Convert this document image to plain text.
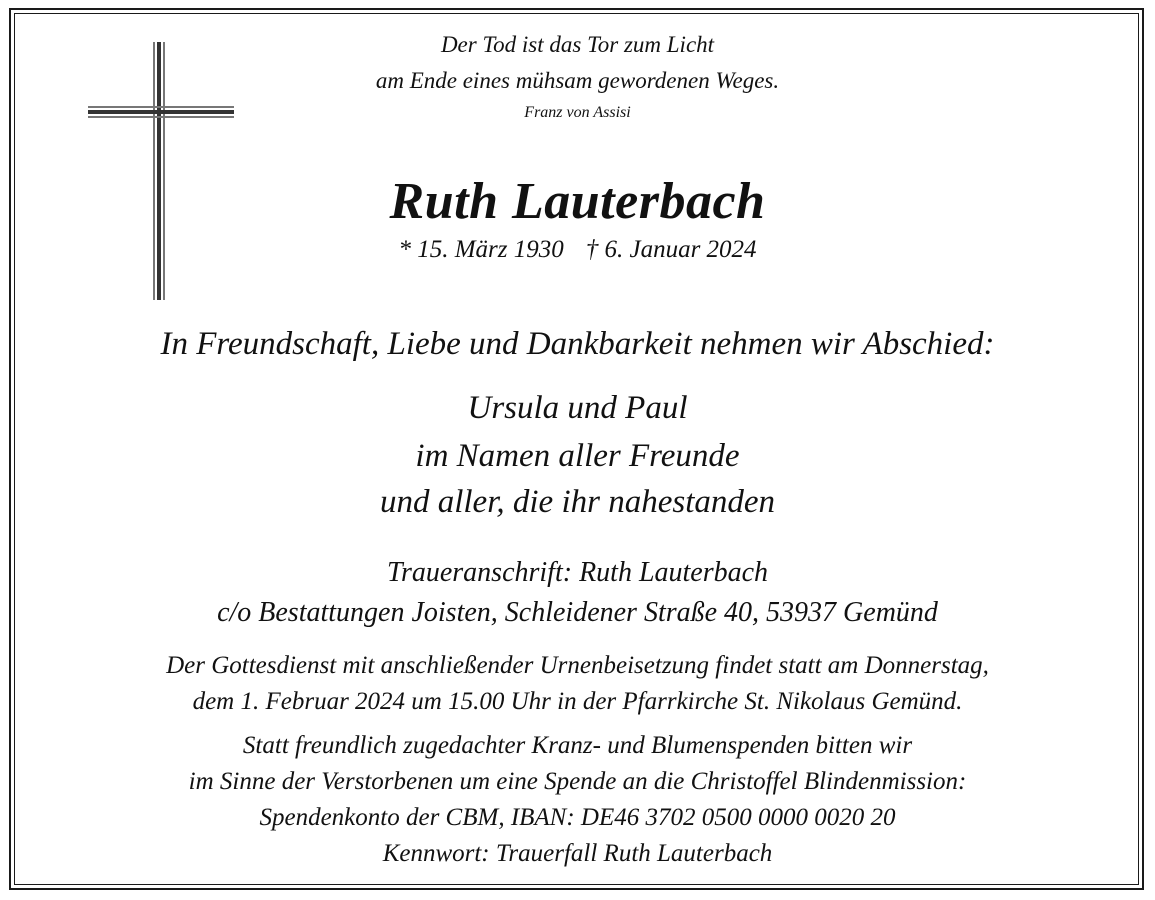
Der Tod ist das Tor zum Licht
am Ende eines mühsam gewordenen Weges.
Franz von Assisi
Ruth Lauterbach
* 15. März 1930 † 6. Januar 2024
In Freundschaft, Liebe und Dankbarkeit nehmen wir Abschied:
Ursula und Paul
im Namen aller Freunde
und aller, die ihr nahestanden
Traueranschrift: Ruth Lauterbach
c/o Bestattungen Joisten, Schleidener Straße 40, 53937 Gemünd
Der Gottesdienst mit anschließender Urnenbeisetzung findet statt am Donnerstag,
dem 1. Februar 2024 um 15.00 Uhr in der Pfarrkirche St. Nikolaus Gemünd.
Statt freundlich zugedachter Kranz- und Blumenspenden bitten wir
im Sinne der Verstorbenen um eine Spende an die Christoffel Blindenmission:
Spendenkonto der CBM, IBAN: DE46 3702 0500 0000 0020 20
Kennwort: Trauerfall Ruth Lauterbach
